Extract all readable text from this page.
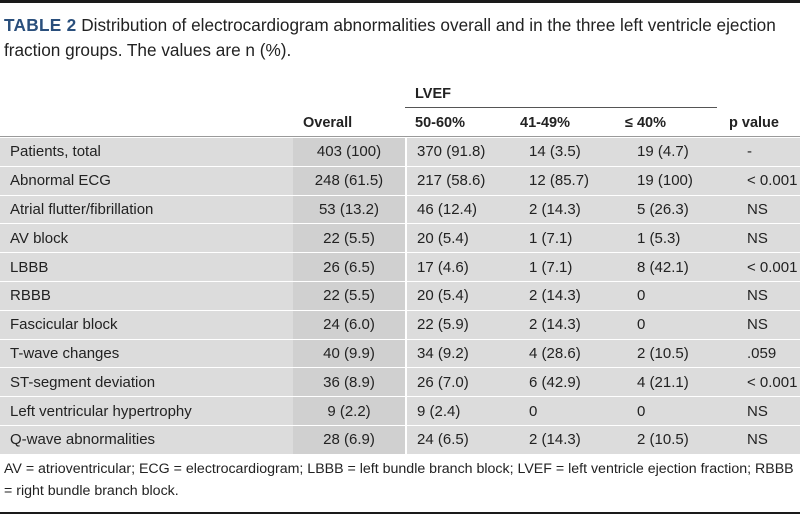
TABLE 2 Distribution of electrocardiogram abnormalities overall and in the three left ventricle ejection fraction groups. The values are n (%).
LVEF
Overall	50-60%	41-49%	≤ 40%	p value
Patients, total	403 (100)	370 (91.8)	14 (3.5)	19 (4.7)	-
Abnormal ECG	248 (61.5)	217 (58.6)	12 (85.7)	19 (100)	< 0.001
Atrial flutter/fibrillation	53 (13.2)	46 (12.4)	2 (14.3)	5 (26.3)	NS
AV block	22 (5.5)	20 (5.4)	1 (7.1)	1 (5.3)	NS
LBBB	26 (6.5)	17 (4.6)	1 (7.1)	8 (42.1)	< 0.001
RBBB	22 (5.5)	20 (5.4)	2 (14.3)	0	NS
Fascicular block	24 (6.0)	22 (5.9)	2 (14.3)	0	NS
T-wave changes	40 (9.9)	34 (9.2)	4 (28.6)	2 (10.5)	.059
ST-segment deviation	36 (8.9)	26 (7.0)	6 (42.9)	4 (21.1)	< 0.001
Left ventricular hypertrophy	9 (2.2)	9 (2.4)	0	0	NS
Q-wave abnormalities	28 (6.9)	24 (6.5)	2 (14.3)	2 (10.5)	NS
AV = atrioventricular; ECG = electrocardiogram; LBBB = left bundle branch block; LVEF = left ventricle ejection fraction; RBBB = right bundle branch block.
